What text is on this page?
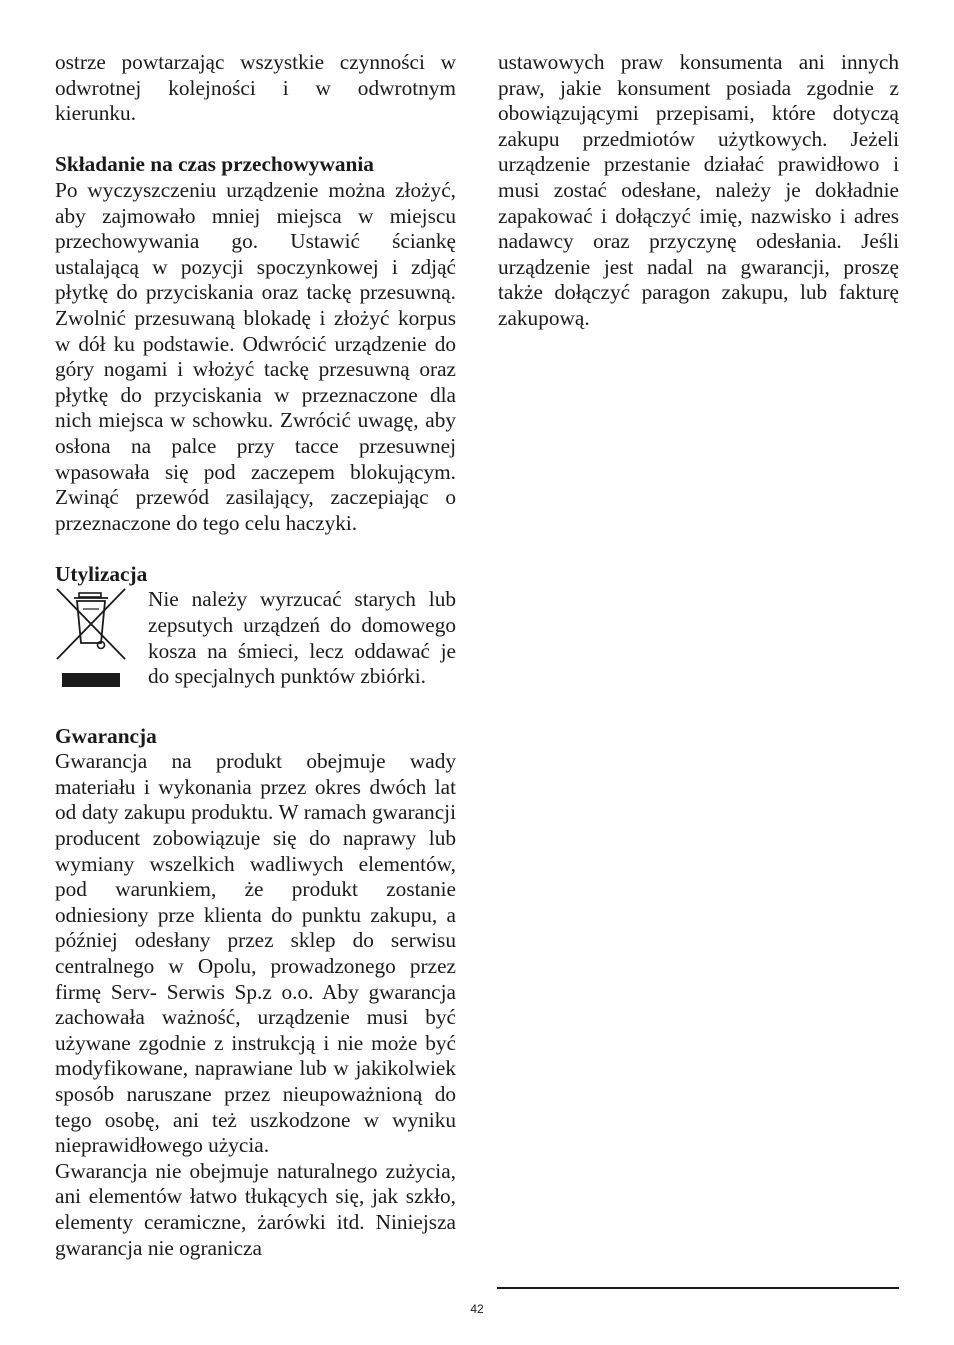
ostrze powtarzając wszystkie czynności w odwrotnej kolejności i w odwrotnym kierunku.

Składanie na czas przechowywania

Po wyczyszczeniu urządzenie można złożyć, aby zajmowało mniej miejsca w miejscu przechowywania go. Ustawić ściankę ustalającą w pozycji spoczynkowej i zdjąć płytkę do przyciskania oraz tackę przesuwną. Zwolnić przesuwaną blokadę i złożyć korpus w dół ku podstawie. Odwrócić urządzenie do góry nogami i włożyć tackę przesuwną oraz płytkę do przyciskania w przeznaczone dla nich miejsca w schowku. Zwrócić uwagę, aby osłona na palce przy tacce przesuwnej wpasowała się pod zaczepem blokującym. Zwinąć przewód zasilający, zaczepiając o przeznaczone do tego celu haczyki.

Utylizacja

Nie należy wyrzucać starych lub zepsutych urządzeń do domowego kosza na śmieci, lecz oddawać je do specjalnych punktów zbiórki.

Gwarancja

Gwarancja na produkt obejmuje wady materiału i wykonania przez okres dwóch lat od daty zakupu produktu. W ramach gwarancji producent zobowiązuje się do naprawy lub wymiany wszelkich wadliwych elementów, pod warunkiem, że produkt zostanie odniesiony prze klienta do punktu zakupu, a później odesłany przez sklep do serwisu centralnego w Opolu, prowadzonego przez firmę Serv- Serwis Sp.z o.o. Aby gwarancja zachowała ważność, urządzenie musi być używane zgodnie z instrukcją i nie może być modyfikowane, naprawiane lub w jakikolwiek sposób naruszane przez nieupoważnioną do tego osobę, ani też uszkodzone w wyniku nieprawidłowego użycia.

Gwarancja nie obejmuje naturalnego zużycia, ani elementów łatwo tłukących się, jak szkło, elementy ceramiczne, żarówki itd. Niniejsza gwarancja nie ogranicza

ustawowych praw konsumenta ani innych praw, jakie konsument posiada zgodnie z obowiązującymi przepisami, które dotyczą zakupu przedmiotów użytkowych. Jeżeli urządzenie przestanie działać prawidłowo i musi zostać odesłane, należy je dokładnie zapakować i dołączyć imię, nazwisko i adres nadawcy oraz przyczynę odesłania. Jeśli urządzenie jest nadal na gwarancji, proszę także dołączyć paragon zakupu, lub fakturę zakupową.

42
